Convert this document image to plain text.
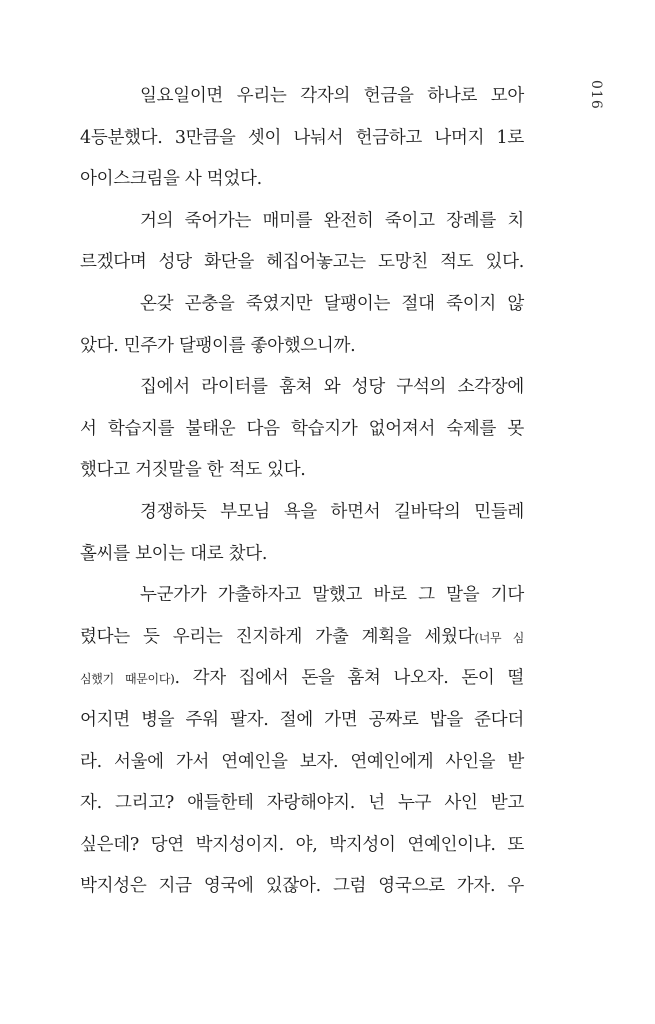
016
일요일이면 우리는 각자의 헌금을 하나로 모아
4등분했다. 3만큼을 셋이 나눠서 헌금하고 나머지 1로
아이스크림을 사 먹었다.
거의 죽어가는 매미를 완전히 죽이고 장례를 치
르겠다며 성당 화단을 헤집어놓고는 도망친 적도 있다.
온갖 곤충을 죽였지만 달팽이는 절대 죽이지 않
았다. 민주가 달팽이를 좋아했으니까.
집에서 라이터를 훔쳐 와 성당 구석의 소각장에
서 학습지를 불태운 다음 학습지가 없어져서 숙제를 못
했다고 거짓말을 한 적도 있다.
경쟁하듯 부모님 욕을 하면서 길바닥의 민들레
홀씨를 보이는 대로 찼다.
누군가가 가출하자고 말했고 바로 그 말을 기다
렸다는 듯 우리는 진지하게 가출 계획을 세웠다(너무 심
심했기 때문이다). 각자 집에서 돈을 훔쳐 나오자. 돈이 떨
어지면 병을 주워 팔자. 절에 가면 공짜로 밥을 준다더
라. 서울에 가서 연예인을 보자. 연예인에게 사인을 받
자. 그리고? 애들한테 자랑해야지. 넌 누구 사인 받고
싶은데? 당연 박지성이지. 야, 박지성이 연예인이냐. 또
박지성은 지금 영국에 있잖아. 그럼 영국으로 가자. 우
